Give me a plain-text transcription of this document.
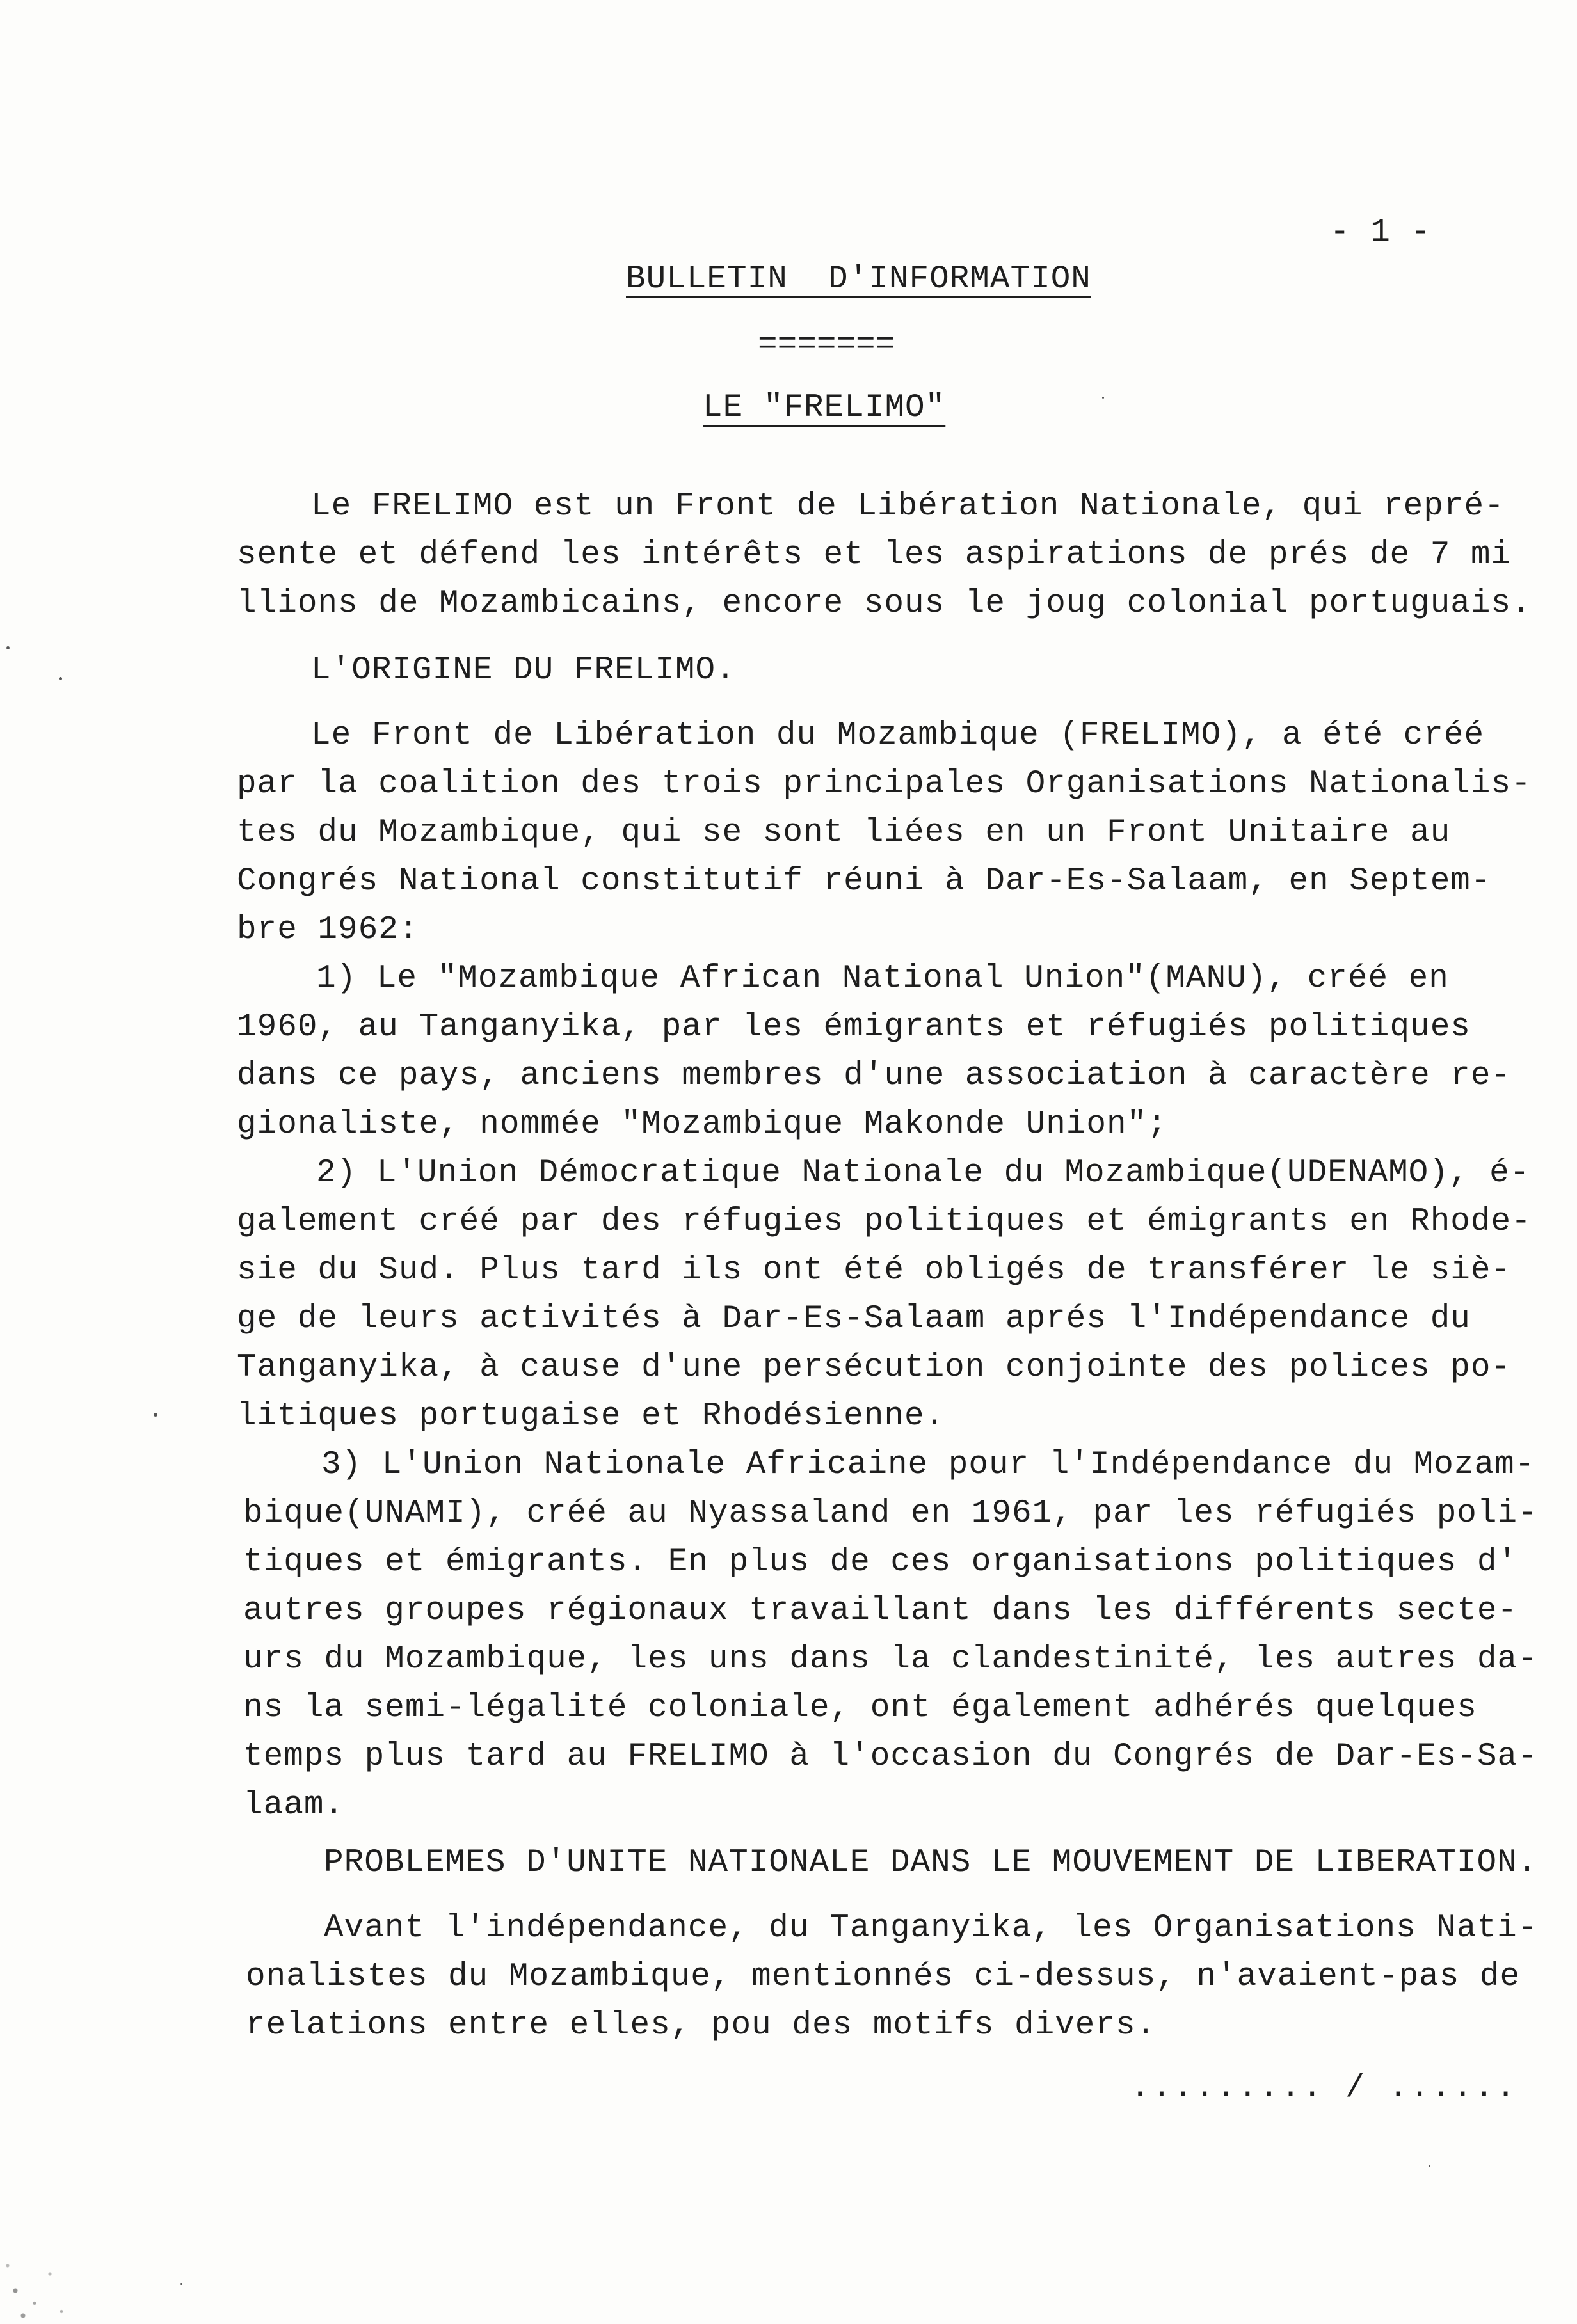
- 1 -
BULLETIN  D'INFORMATION
=======
LE "FRELIMO"
Le FRELIMO est un Front de Libération Nationale, qui repré-
sente et défend les intérêts et les aspirations de prés de 7 mi
llions de Mozambicains, encore sous le joug colonial portuguais.
L'ORIGINE DU FRELIMO.
Le Front de Libération du Mozambique (FRELIMO), a été créé
par la coalition des trois principales Organisations Nationalis-
tes du Mozambique, qui se sont liées en un Front Unitaire au
Congrés National constitutif réuni à Dar-Es-Salaam, en Septem-
bre 1962:
1) Le "Mozambique African National Union"(MANU), créé en
1960, au Tanganyika, par les émigrants et réfugiés politiques
dans ce pays, anciens membres d'une association à caractère re-
gionaliste, nommée "Mozambique Makonde Union";
2) L'Union Démocratique Nationale du Mozambique(UDENAMO), é-
galement créé par des réfugies politiques et émigrants en Rhode-
sie du Sud. Plus tard ils ont été obligés de transférer le siè-
ge de leurs activités à Dar-Es-Salaam aprés l'Indépendance du
Tanganyika, à cause d'une persécution conjointe des polices po-
litiques portugaise et Rhodésienne.
3) L'Union Nationale Africaine pour l'Indépendance du Mozam-
bique(UNAMI), créé au Nyassaland en 1961, par les réfugiés poli-
tiques et émigrants. En plus de ces organisations politiques d'
autres groupes régionaux travaillant dans les différents secte-
urs du Mozambique, les uns dans la clandestinité, les autres da-
ns la semi-légalité coloniale, ont également adhérés quelques
temps plus tard au FRELIMO à l'occasion du Congrés de Dar-Es-Sa-
laam.
PROBLEMES D'UNITE NATIONALE DANS LE MOUVEMENT DE LIBERATION.
Avant l'indépendance, du Tanganyika, les Organisations Nati-
onalistes du Mozambique, mentionnés ci-dessus, n'avaient-pas de
relations entre elles, pou des motifs divers.
......... / ......
